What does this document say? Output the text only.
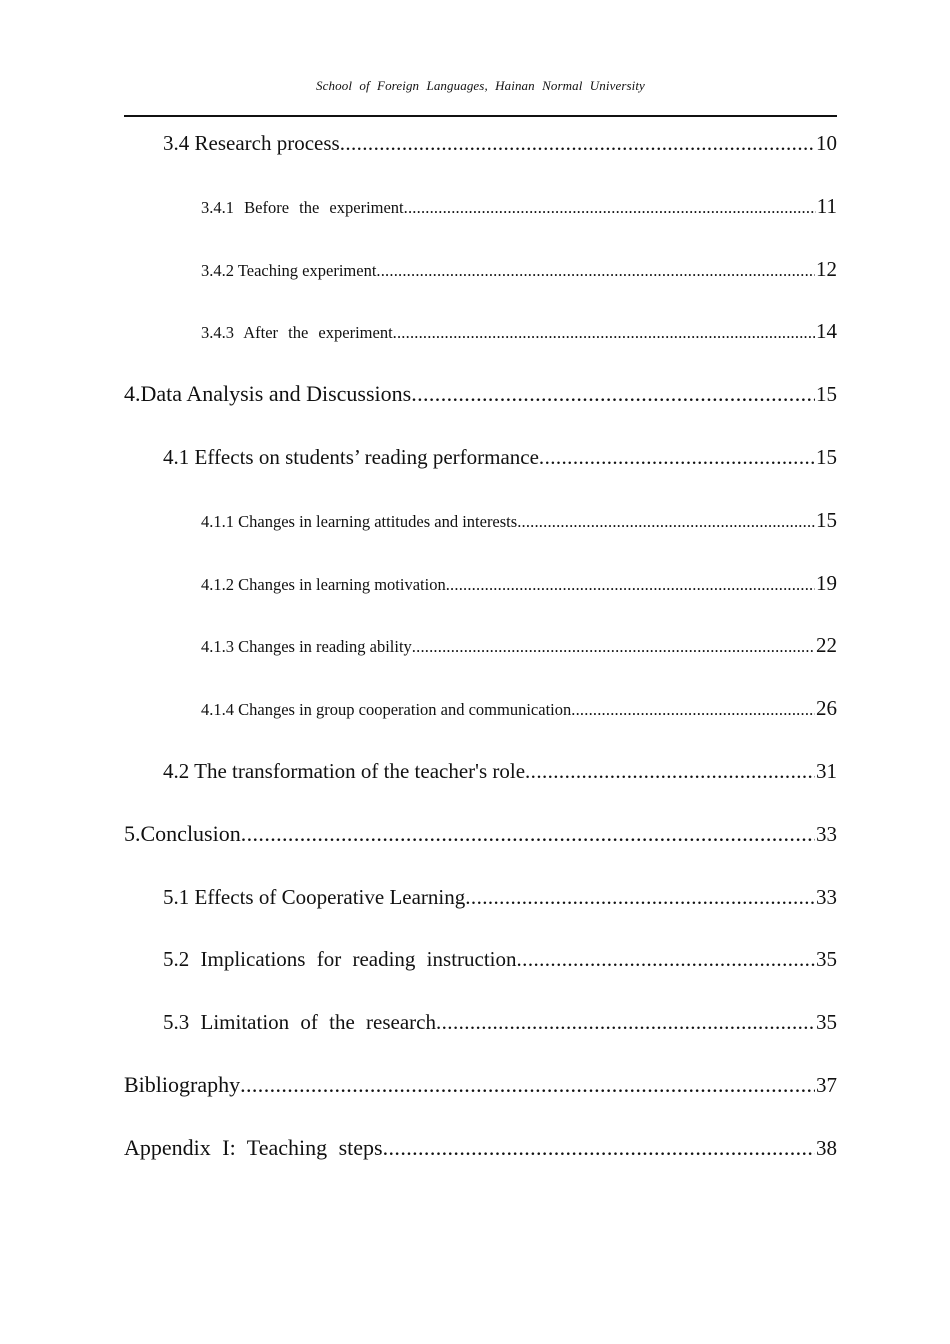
School of Foreign Languages, Hainan Normal University
3.4 Research process .....	10
3.4.1 Before the experiment .....	11
3.4.2 Teaching experiment .....	12
3.4.3 After the experiment .....	14
4.Data Analysis and Discussions .....	15
4.1 Effects on students’ reading performance .....	15
4.1.1 Changes in learning attitudes and interests .....	15
4.1.2 Changes in learning motivation .....	19
4.1.3 Changes in reading ability .....	22
4.1.4 Changes in group cooperation and communication .....	26
4.2 The transformation of the teacher's role .....	31
5.Conclusion .....	33
5.1 Effects of Cooperative Learning .....	33
5.2 Implications for reading instruction .....	35
5.3 Limitation of the research .....	35
Bibliography .....	37
Appendix I: Teaching steps .....	38
